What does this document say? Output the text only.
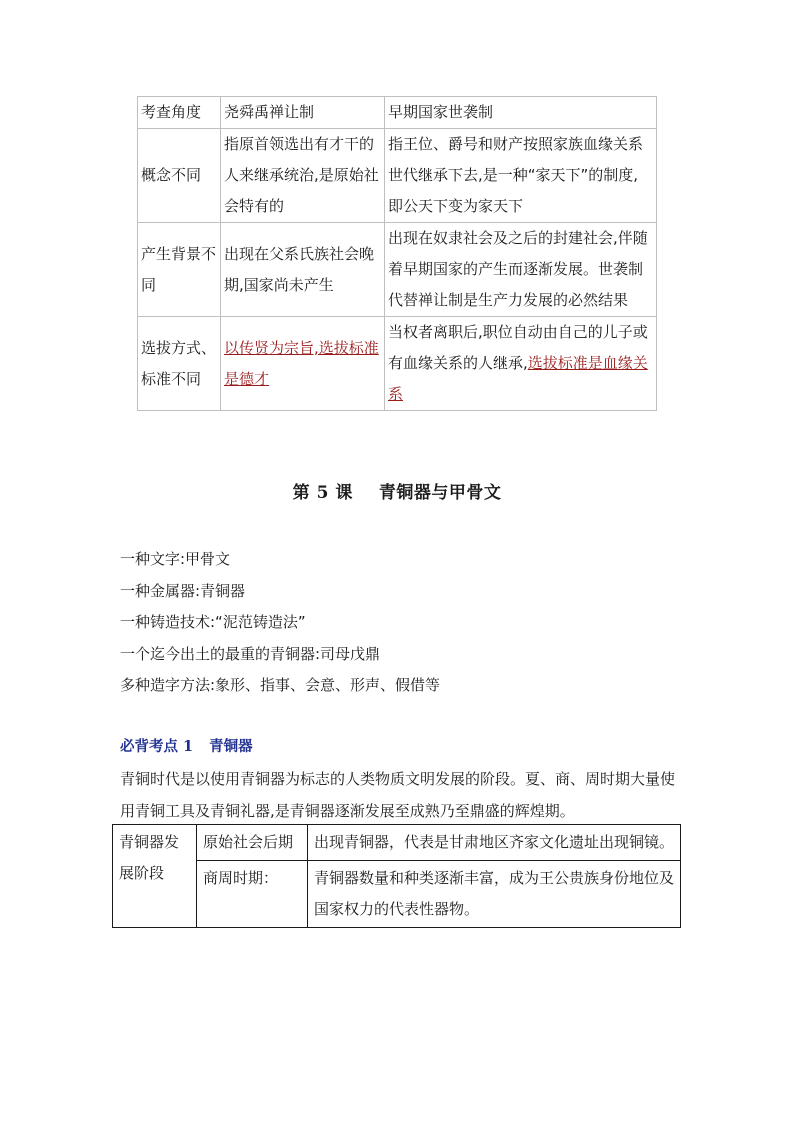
考查角度	尧舜禹禅让制	早期国家世袭制
概念不同	指原首领选出有才干的人来继承统治,是原始社会特有的	指王位、爵号和财产按照家族血缘关系世代继承下去,是一种“家天下”的制度,即公天下变为家天下
产生背景不同	出现在父系氏族社会晚期,国家尚未产生	出现在奴隶社会及之后的封建社会,伴随着早期国家的产生而逐渐发展。世袭制代替禅让制是生产力发展的必然结果
选拔方式、标准不同	以传贤为宗旨,选拔标准是德才	当权者离职后,职位自动由自己的儿子或有血缘关系的人继承,选拔标准是血缘关系
第 5 课 青铜器与甲骨文
一种文字:甲骨文
一种金属器:青铜器
一种铸造技术:“泥范铸造法”
一个迄今出土的最重的青铜器:司母戊鼎
多种造字方法:象形、指事、会意、形声、假借等
必背考点 1 青铜器
青铜时代是以使用青铜器为标志的人类物质文明发展的阶段。夏、商、周时期大量使用青铜工具及青铜礼器,是青铜器逐渐发展至成熟乃至鼎盛的辉煌期。
青铜器发展阶段	原始社会后期	出现青铜器，代表是甘肃地区齐家文化遗址出现铜镜。
	商周时期：	青铜器数量和种类逐渐丰富，成为王公贵族身份地位及国家权力的代表性器物。
